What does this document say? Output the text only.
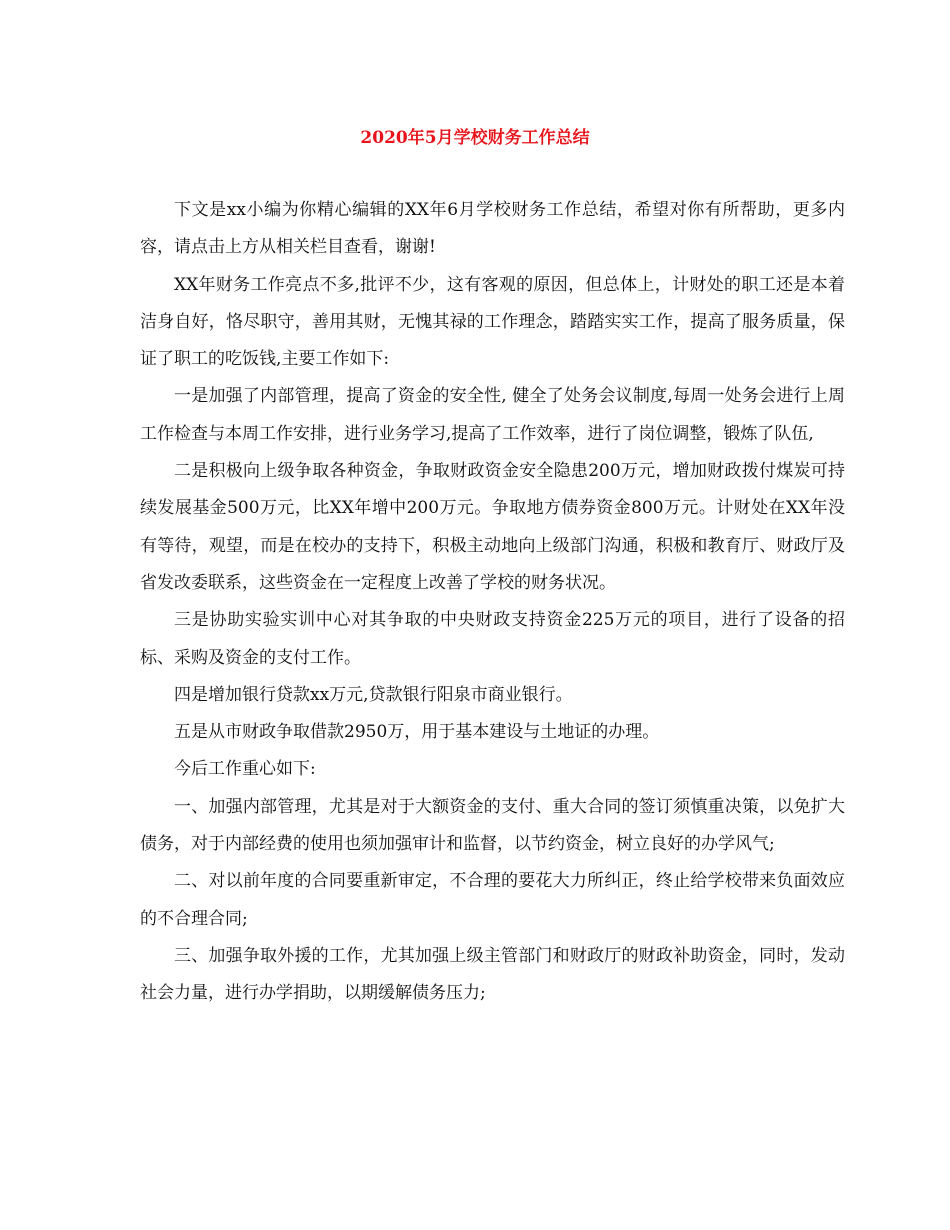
2020年5月学校财务工作总结

下文是xx小编为你精心编辑的XX年6月学校财务工作总结，希望对你有所帮助，更多内容，请点击上方从相关栏目查看，谢谢!

XX年财务工作亮点不多,批评不少，这有客观的原因，但总体上，计财处的职工还是本着洁身自好，恪尽职守，善用其财，无愧其禄的工作理念，踏踏实实工作，提高了服务质量，保证了职工的吃饭钱,主要工作如下:

一是加强了内部管理，提高了资金的安全性, 健全了处务会议制度,每周一处务会进行上周工作检查与本周工作安排，进行业务学习,提高了工作效率，进行了岗位调整，锻炼了队伍,

二是积极向上级争取各种资金，争取财政资金安全隐患200万元，增加财政拨付煤炭可持续发展基金500万元，比XX年增中200万元。争取地方债券资金800万元。计财处在XX年没有等待，观望，而是在校办的支持下，积极主动地向上级部门沟通，积极和教育厅、财政厅及省发改委联系，这些资金在一定程度上改善了学校的财务状况。

三是协助实验实训中心对其争取的中央财政支持资金225万元的项目，进行了设备的招标、采购及资金的支付工作。

四是增加银行贷款xx万元,贷款银行阳泉市商业银行。

五是从市财政争取借款2950万，用于基本建设与土地证的办理。

今后工作重心如下:

一、加强内部管理，尤其是对于大额资金的支付、重大合同的签订须慎重决策，以免扩大债务，对于内部经费的使用也须加强审计和监督，以节约资金，树立良好的办学风气;

二、对以前年度的合同要重新审定，不合理的要花大力所纠正，终止给学校带来负面效应的不合理合同;

三、加强争取外援的工作，尤其加强上级主管部门和财政厅的财政补助资金，同时，发动社会力量，进行办学捐助，以期缓解债务压力;
